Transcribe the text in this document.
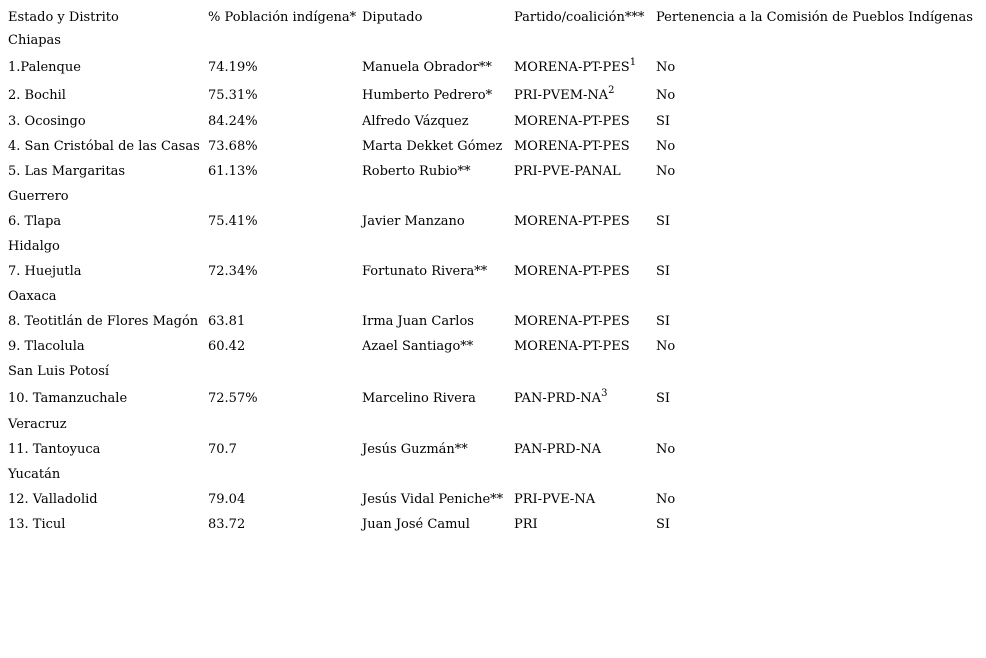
Estado y Distrito	% Población indígena*	Diputado	Partido/coalición***	Pertenencia a la Comisión de Pueblos Indígenas
Chiapas				
1.Palenque	74.19%	Manuela Obrador**	MORENA-PT-PES$^1$	No
2. Bochil	75.31%	Humberto Pedrero*	PRI-$PVEM-NA^2$	No
3. Ocosingo	84.24%	Alfredo Vázquez	MORENA-PT-PES	SI
4. San Cristóbal de las Casas	73.68%	Marta Dekket Gómez	MORENA-PT-PES	No
5. Las Margaritas	61.13%	Roberto Rubio**	PRI-PVE-PANAL	No
Guerrero				
6. Tlapa	75.41%	Javier Manzano	MORENA-PT-PES	SI
Hidalgo				
7. Huejutla	72.34%	Fortunato Rivera**	MORENA-PT-PES	SI
Oaxaca				
8. Teotitlán de Flores Magón	63.81	Irma Juan Carlos	MORENA-PT-PES	SI
9. Tlacolula	60.42	Azael Santiago**	MORENA-PT-PES	No
San Luis Potosí				
10. Tamanzuchale	72.57%	Marcelino Rivera	PAN-$PRD-NA^3$	SI
Veracruz				
11. Tantoyuca	70.7	Jesús Guzmán**	PAN-PRD-NA	No
Yucatán				
12. Valladolid	79.04	Jesús Vidal Peniche**	PRI-PVE-NA	No
13. Ticul	83.72	Juan José Camul	PRI	SI
